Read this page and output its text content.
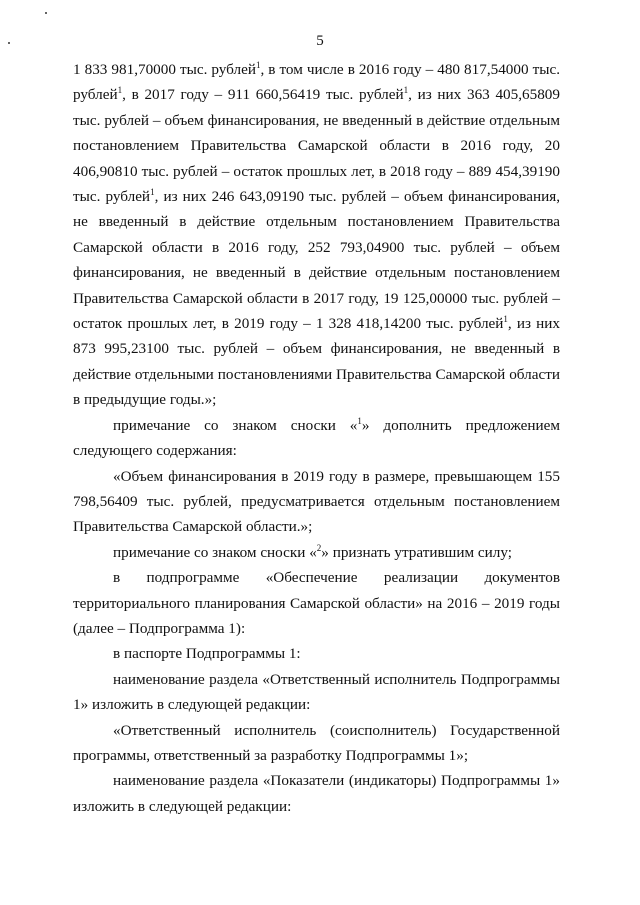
5

1 833 981,70000 тыс. рублей$^1$, в том числе в 2016 году – 480 817,54000 тыс. рублей$^1$, в 2017 году – 911 660,56419 тыс. рублей$^1$, из них 363 405,65809 тыс. рублей – объем финансирования, не введенный в действие отдельным постановлением Правительства Самарской области в 2016 году, 20 406,90810 тыс. рублей – остаток прошлых лет, в 2018 году – 889 454,39190 тыс. рублей$^1$, из них 246 643,09190 тыс. рублей – объем финансирования, не введенный в действие отдельным постановлением Правительства Самарской области в 2016 году, 252 793,04900 тыс. рублей – объем финансирования, не введенный в действие отдельным постановлением Правительства Самарской области в 2017 году, 19 125,00000 тыс. рублей – остаток прошлых лет, в 2019 году – 1 328 418,14200 тыс. рублей$^1$, из них 873 995,23100 тыс. рублей – объем финансирования, не введенный в действие отдельными постановлениями Правительства Самарской области в предыдущие годы.»;

примечание со знаком сноски «$^1$» дополнить предложением следующего содержания:

«Объем финансирования в 2019 году в размере, превышающем 155 798,56409 тыс. рублей, предусматривается отдельным постановлением Правительства Самарской области.»;

примечание со знаком сноски «$^2$» признать утратившим силу;

в подпрограмме «Обеспечение реализации документов территориального планирования Самарской области» на 2016 – 2019 годы (далее – Подпрограмма 1):

в паспорте Подпрограммы 1:

наименование раздела «Ответственный исполнитель Подпрограммы 1» изложить в следующей редакции:

«Ответственный исполнитель (соисполнитель) Государственной программы, ответственный за разработку Подпрограммы 1»;

наименование раздела «Показатели (индикаторы) Подпрограммы 1» изложить в следующей редакции:
